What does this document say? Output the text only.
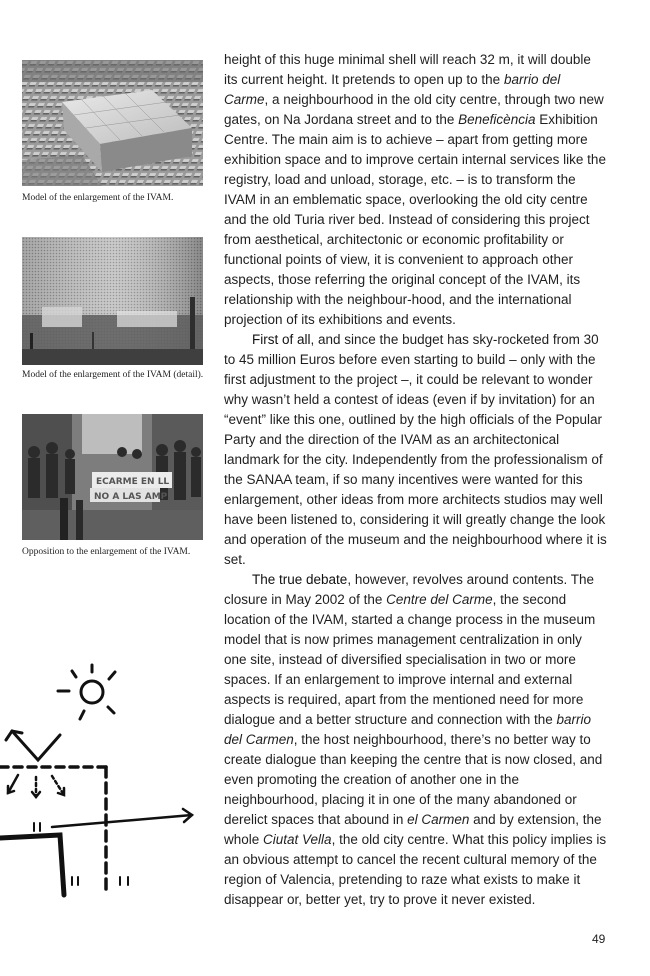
Model of the enlargement of the IVAM.
Model of the enlargement of the IVAM (detail).
ECARME EN LL
NO A LAS AMP
Opposition to the enlargement of the IVAM.

height of this huge minimal shell will reach 32 m, it will double its current height. It pretends to open up to the barrio del Carme, a neighbourhood in the old city centre, through two new gates, on Na Jordana street and to the Beneficència Exhibition Centre. The main aim is to achieve – apart from getting more exhibition space and to improve certain internal services like the registry, load and unload, storage, etc. – is to transform the IVAM in an emblematic space, overlooking the old city centre and the old Turia river bed. Instead of considering this project from aesthetical, architectonic or economic profitability or functional points of view, it is convenient to approach other aspects, those referring the original concept of the IVAM, its relationship with the neighbour-hood, and the international projection of its exhibitions and events.

First of all, and since the budget has sky-rocketed from 30 to 45 million Euros before even starting to build – only with the first adjustment to the project –, it could be relevant to wonder why wasn’t held a contest of ideas (even if by invitation) for an “event” like this one, outlined by the high officials of the Popular Party and the direction of the IVAM as an architectonical landmark for the city. Independently from the professionalism of the SANAA team, if so many incentives were wanted for this enlargement, other ideas from more architects studios may well have been listened to, considering it will greatly change the look and operation of the museum and the neighbourhood where it is set.

The true debate, however, revolves around contents. The closure in May 2002 of the Centre del Carme, the second location of the IVAM, started a change process in the museum model that is now primes management centralization in only one site, instead of diversified specialisation in two or more spaces. If an enlargement to improve internal and external aspects is required, apart from the mentioned need for more dialogue and a better structure and connection with the barrio del Carmen, the host neighbourhood, there’s no better way to create dialogue than keeping the centre that is now closed, and even promoting the creation of another one in the neighbourhood, placing it in one of the many abandoned or derelict spaces that abound in el Carmen and by extension, the whole Ciutat Vella, the old city centre. What this policy implies is an obvious attempt to cancel the recent cultural memory of the region of Valencia, pretending to raze what exists to make it disappear or, better yet, try to prove it never existed.

49
